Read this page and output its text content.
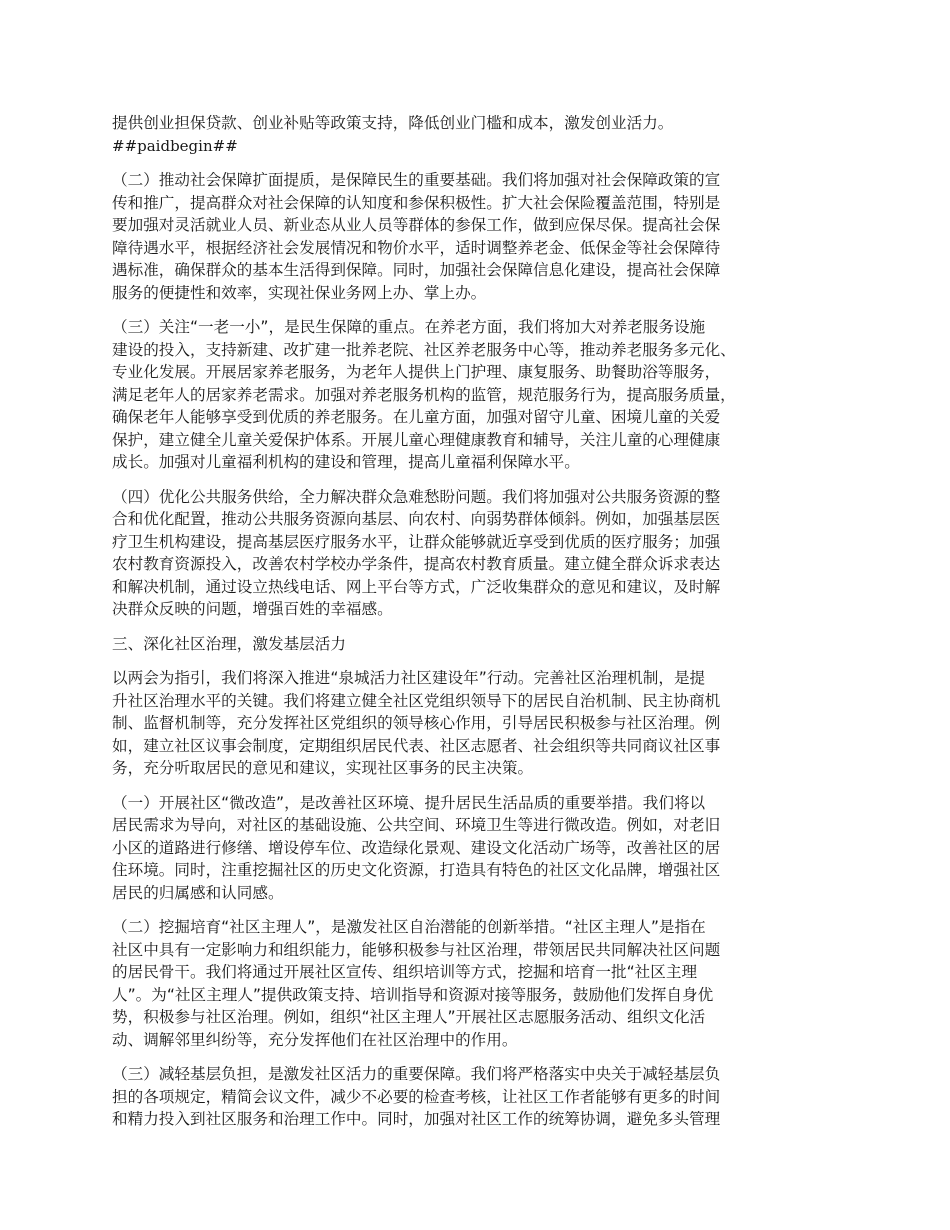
提供创业担保贷款、创业补贴等政策支持，降低创业门槛和成本，激发创业活力。

##paidbegin##

（二）推动社会保障扩面提质，是保障民生的重要基础。我们将加强对社会保障政策的宣
传和推广，提高群众对社会保障的认知度和参保积极性。扩大社会保险覆盖范围，特别是
要加强对灵活就业人员、新业态从业人员等群体的参保工作，做到应保尽保。提高社会保
障待遇水平，根据经济社会发展情况和物价水平，适时调整养老金、低保金等社会保障待
遇标准，确保群众的基本生活得到保障。同时，加强社会保障信息化建设，提高社会保障
服务的便捷性和效率，实现社保业务网上办、掌上办。

（三）关注“一老一小”，是民生保障的重点。在养老方面，我们将加大对养老服务设施
建设的投入，支持新建、改扩建一批养老院、社区养老服务中心等，推动养老服务多元化、
专业化发展。开展居家养老服务，为老年人提供上门护理、康复服务、助餐助浴等服务，
满足老年人的居家养老需求。加强对养老服务机构的监管，规范服务行为，提高服务质量，
确保老年人能够享受到优质的养老服务。在儿童方面，加强对留守儿童、困境儿童的关爱
保护，建立健全儿童关爱保护体系。开展儿童心理健康教育和辅导，关注儿童的心理健康
成长。加强对儿童福利机构的建设和管理，提高儿童福利保障水平。

（四）优化公共服务供给，全力解决群众急难愁盼问题。我们将加强对公共服务资源的整
合和优化配置，推动公共服务资源向基层、向农村、向弱势群体倾斜。例如，加强基层医
疗卫生机构建设，提高基层医疗服务水平，让群众能够就近享受到优质的医疗服务；加强
农村教育资源投入，改善农村学校办学条件，提高农村教育质量。建立健全群众诉求表达
和解决机制，通过设立热线电话、网上平台等方式，广泛收集群众的意见和建议，及时解
决群众反映的问题，增强百姓的幸福感。

三、深化社区治理，激发基层活力

以两会为指引，我们将深入推进“泉城活力社区建设年”行动。完善社区治理机制，是提
升社区治理水平的关键。我们将建立健全社区党组织领导下的居民自治机制、民主协商机
制、监督机制等，充分发挥社区党组织的领导核心作用，引导居民积极参与社区治理。例
如，建立社区议事会制度，定期组织居民代表、社区志愿者、社会组织等共同商议社区事
务，充分听取居民的意见和建议，实现社区事务的民主决策。

（一）开展社区“微改造”，是改善社区环境、提升居民生活品质的重要举措。我们将以
居民需求为导向，对社区的基础设施、公共空间、环境卫生等进行微改造。例如，对老旧
小区的道路进行修缮、增设停车位、改造绿化景观、建设文化活动广场等，改善社区的居
住环境。同时，注重挖掘社区的历史文化资源，打造具有特色的社区文化品牌，增强社区
居民的归属感和认同感。

（二）挖掘培育“社区主理人”，是激发社区自治潜能的创新举措。“社区主理人”是指在
社区中具有一定影响力和组织能力，能够积极参与社区治理，带领居民共同解决社区问题
的居民骨干。我们将通过开展社区宣传、组织培训等方式，挖掘和培育一批“社区主理
人”。为“社区主理人”提供政策支持、培训指导和资源对接等服务，鼓励他们发挥自身优
势，积极参与社区治理。例如，组织“社区主理人”开展社区志愿服务活动、组织文化活
动、调解邻里纠纷等，充分发挥他们在社区治理中的作用。

（三）减轻基层负担，是激发社区活力的重要保障。我们将严格落实中央关于减轻基层负
担的各项规定，精简会议文件，减少不必要的检查考核，让社区工作者能够有更多的时间
和精力投入到社区服务和治理工作中。同时，加强对社区工作的统筹协调，避免多头管理
